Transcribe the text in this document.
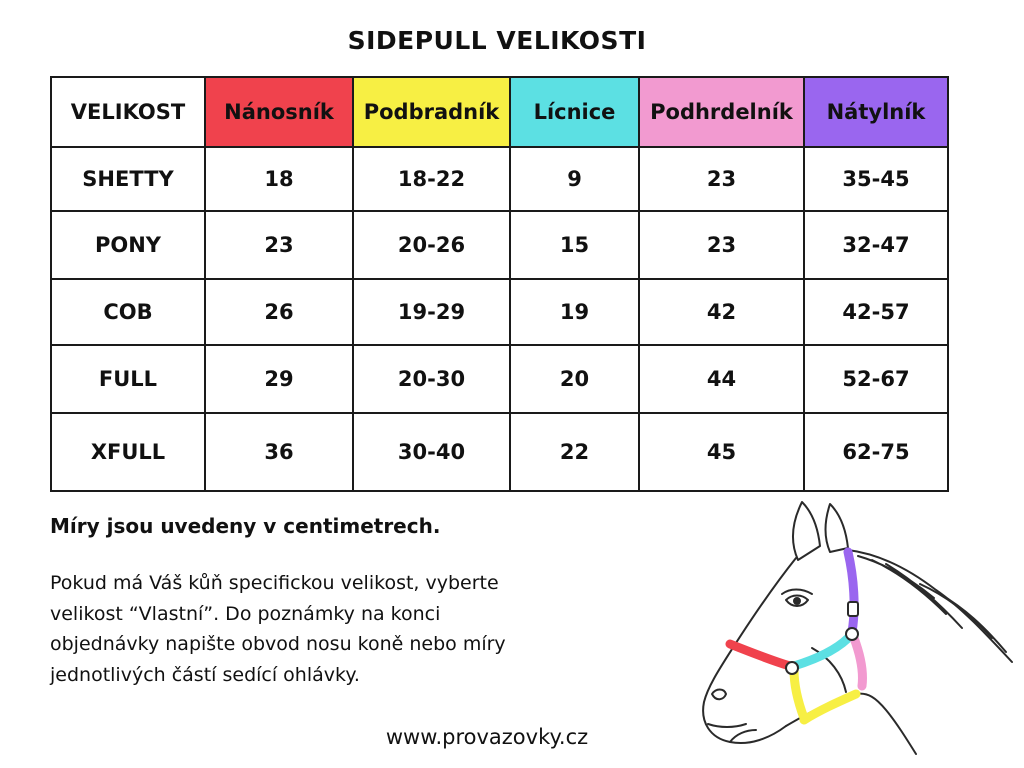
SIDEPULL VELIKOSTI
VELIKOST	Nánosník	Podbradník	Lícnice	Podhrdelník	Nátylník
SHETTY	18	18-22	9	23	35-45
PONY	23	20-26	15	23	32-47
COB	26	19-29	19	42	42-57
FULL	29	20-30	20	44	52-67
XFULL	36	30-40	22	45	62-75
Míry jsou uvedeny v centimetrech.

Pokud má Váš kůň specifickou velikost, vyberte
velikost “Vlastní”. Do poznámky na konci
objednávky napište obvod nosu koně nebo míry
jednotlivých částí sedící ohlávky.

www.provazovky.cz
